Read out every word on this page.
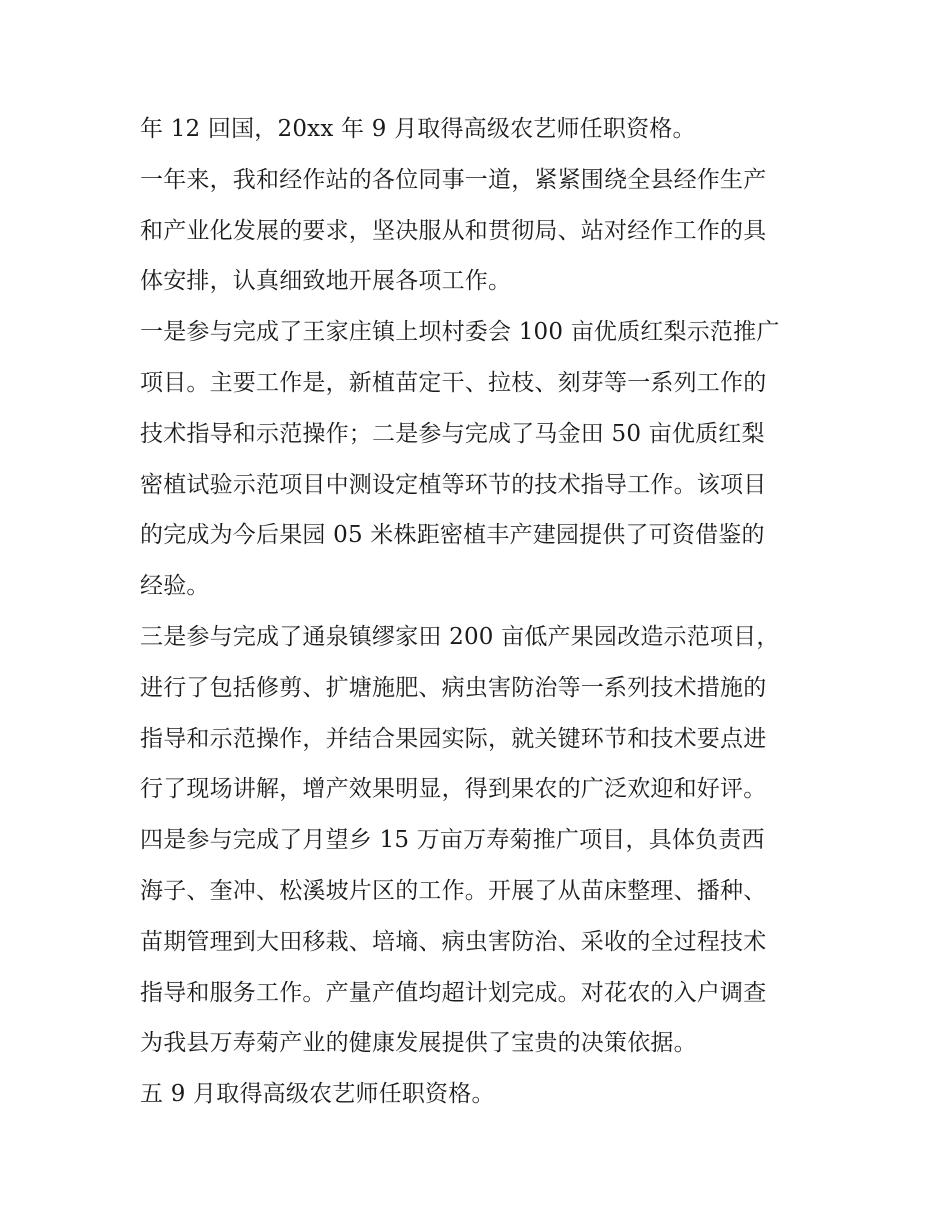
年 12 回国，20xx 年 9 月取得高级农艺师任职资格。
一年来，我和经作站的各位同事一道，紧紧围绕全县经作生产
和产业化发展的要求，坚决服从和贯彻局、站对经作工作的具
体安排，认真细致地开展各项工作。
一是参与完成了王家庄镇上坝村委会 100 亩优质红梨示范推广
项目。主要工作是，新植苗定干、拉枝、刻芽等一系列工作的
技术指导和示范操作；二是参与完成了马金田 50 亩优质红梨
密植试验示范项目中测设定植等环节的技术指导工作。该项目
的完成为今后果园 05 米株距密植丰产建园提供了可资借鉴的
经验。
三是参与完成了通泉镇缪家田 200 亩低产果园改造示范项目，
进行了包括修剪、扩塘施肥、病虫害防治等一系列技术措施的
指导和示范操作，并结合果园实际，就关键环节和技术要点进
行了现场讲解，增产效果明显，得到果农的广泛欢迎和好评。
四是参与完成了月望乡 15 万亩万寿菊推广项目，具体负责西
海子、奎冲、松溪坡片区的工作。开展了从苗床整理、播种、
苗期管理到大田移栽、培墒、病虫害防治、采收的全过程技术
指导和服务工作。产量产值均超计划完成。对花农的入户调查
为我县万寿菊产业的健康发展提供了宝贵的决策依据。
五 9 月取得高级农艺师任职资格。
